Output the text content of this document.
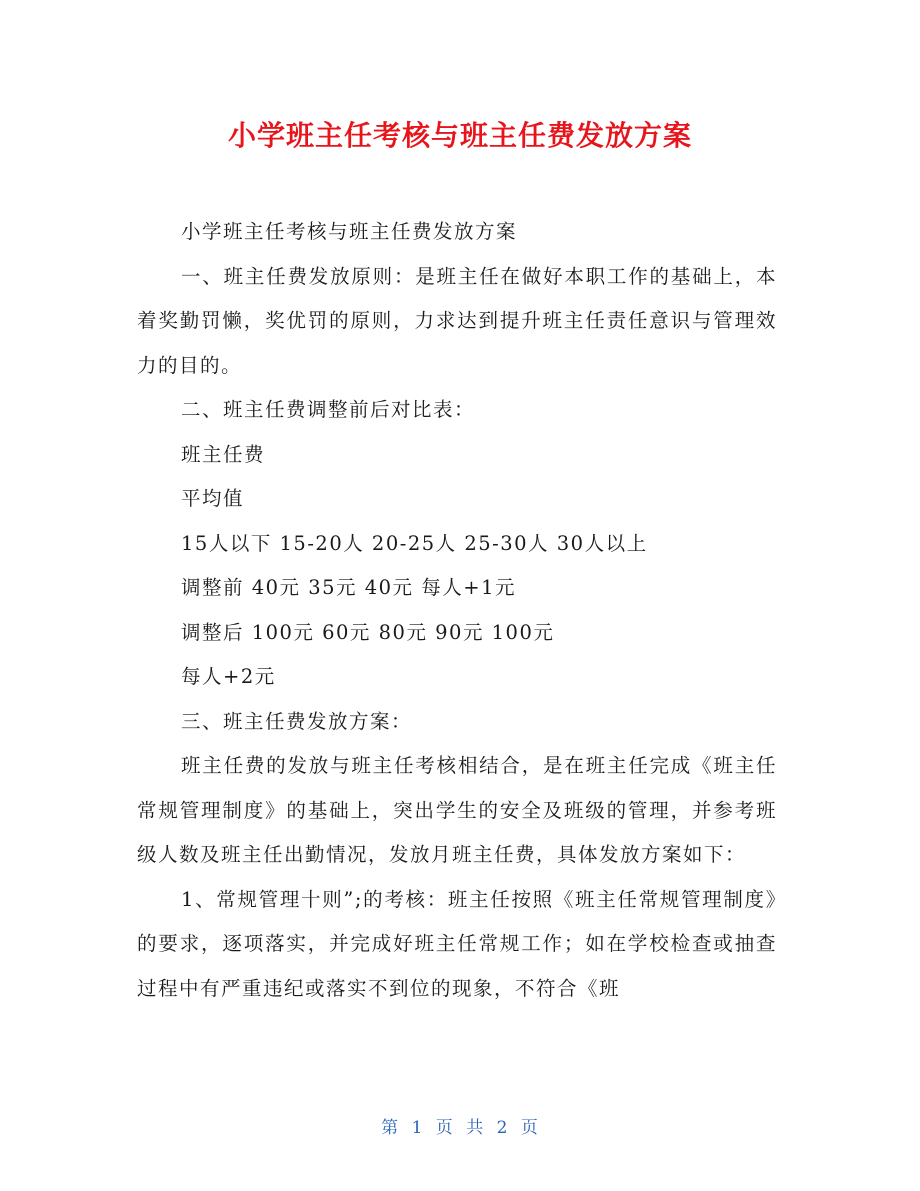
小学班主任考核与班主任费发放方案

小学班主任考核与班主任费发放方案

一、班主任费发放原则：是班主任在做好本职工作的基础上，本着奖勤罚懒，奖优罚的原则，力求达到提升班主任责任意识与管理效力的目的。

二、班主任费调整前后对比表：

班主任费

平均值

15人以下 15-20人 20-25人 25-30人 30人以上

调整前 40元 35元 40元 每人+1元

调整后 100元 60元 80元 90元 100元

每人+2元

三、班主任费发放方案：

班主任费的发放与班主任考核相结合，是在班主任完成《班主任常规管理制度》的基础上，突出学生的安全及班级的管理，并参考班级人数及班主任出勤情况，发放月班主任费，具体发放方案如下：

1、常规管理十则”;的考核：班主任按照《班主任常规管理制度》的要求，逐项落实，并完成好班主任常规工作；如在学校检查或抽查过程中有严重违纪或落实不到位的现象，不符合《班

第 1 页 共 2 页
